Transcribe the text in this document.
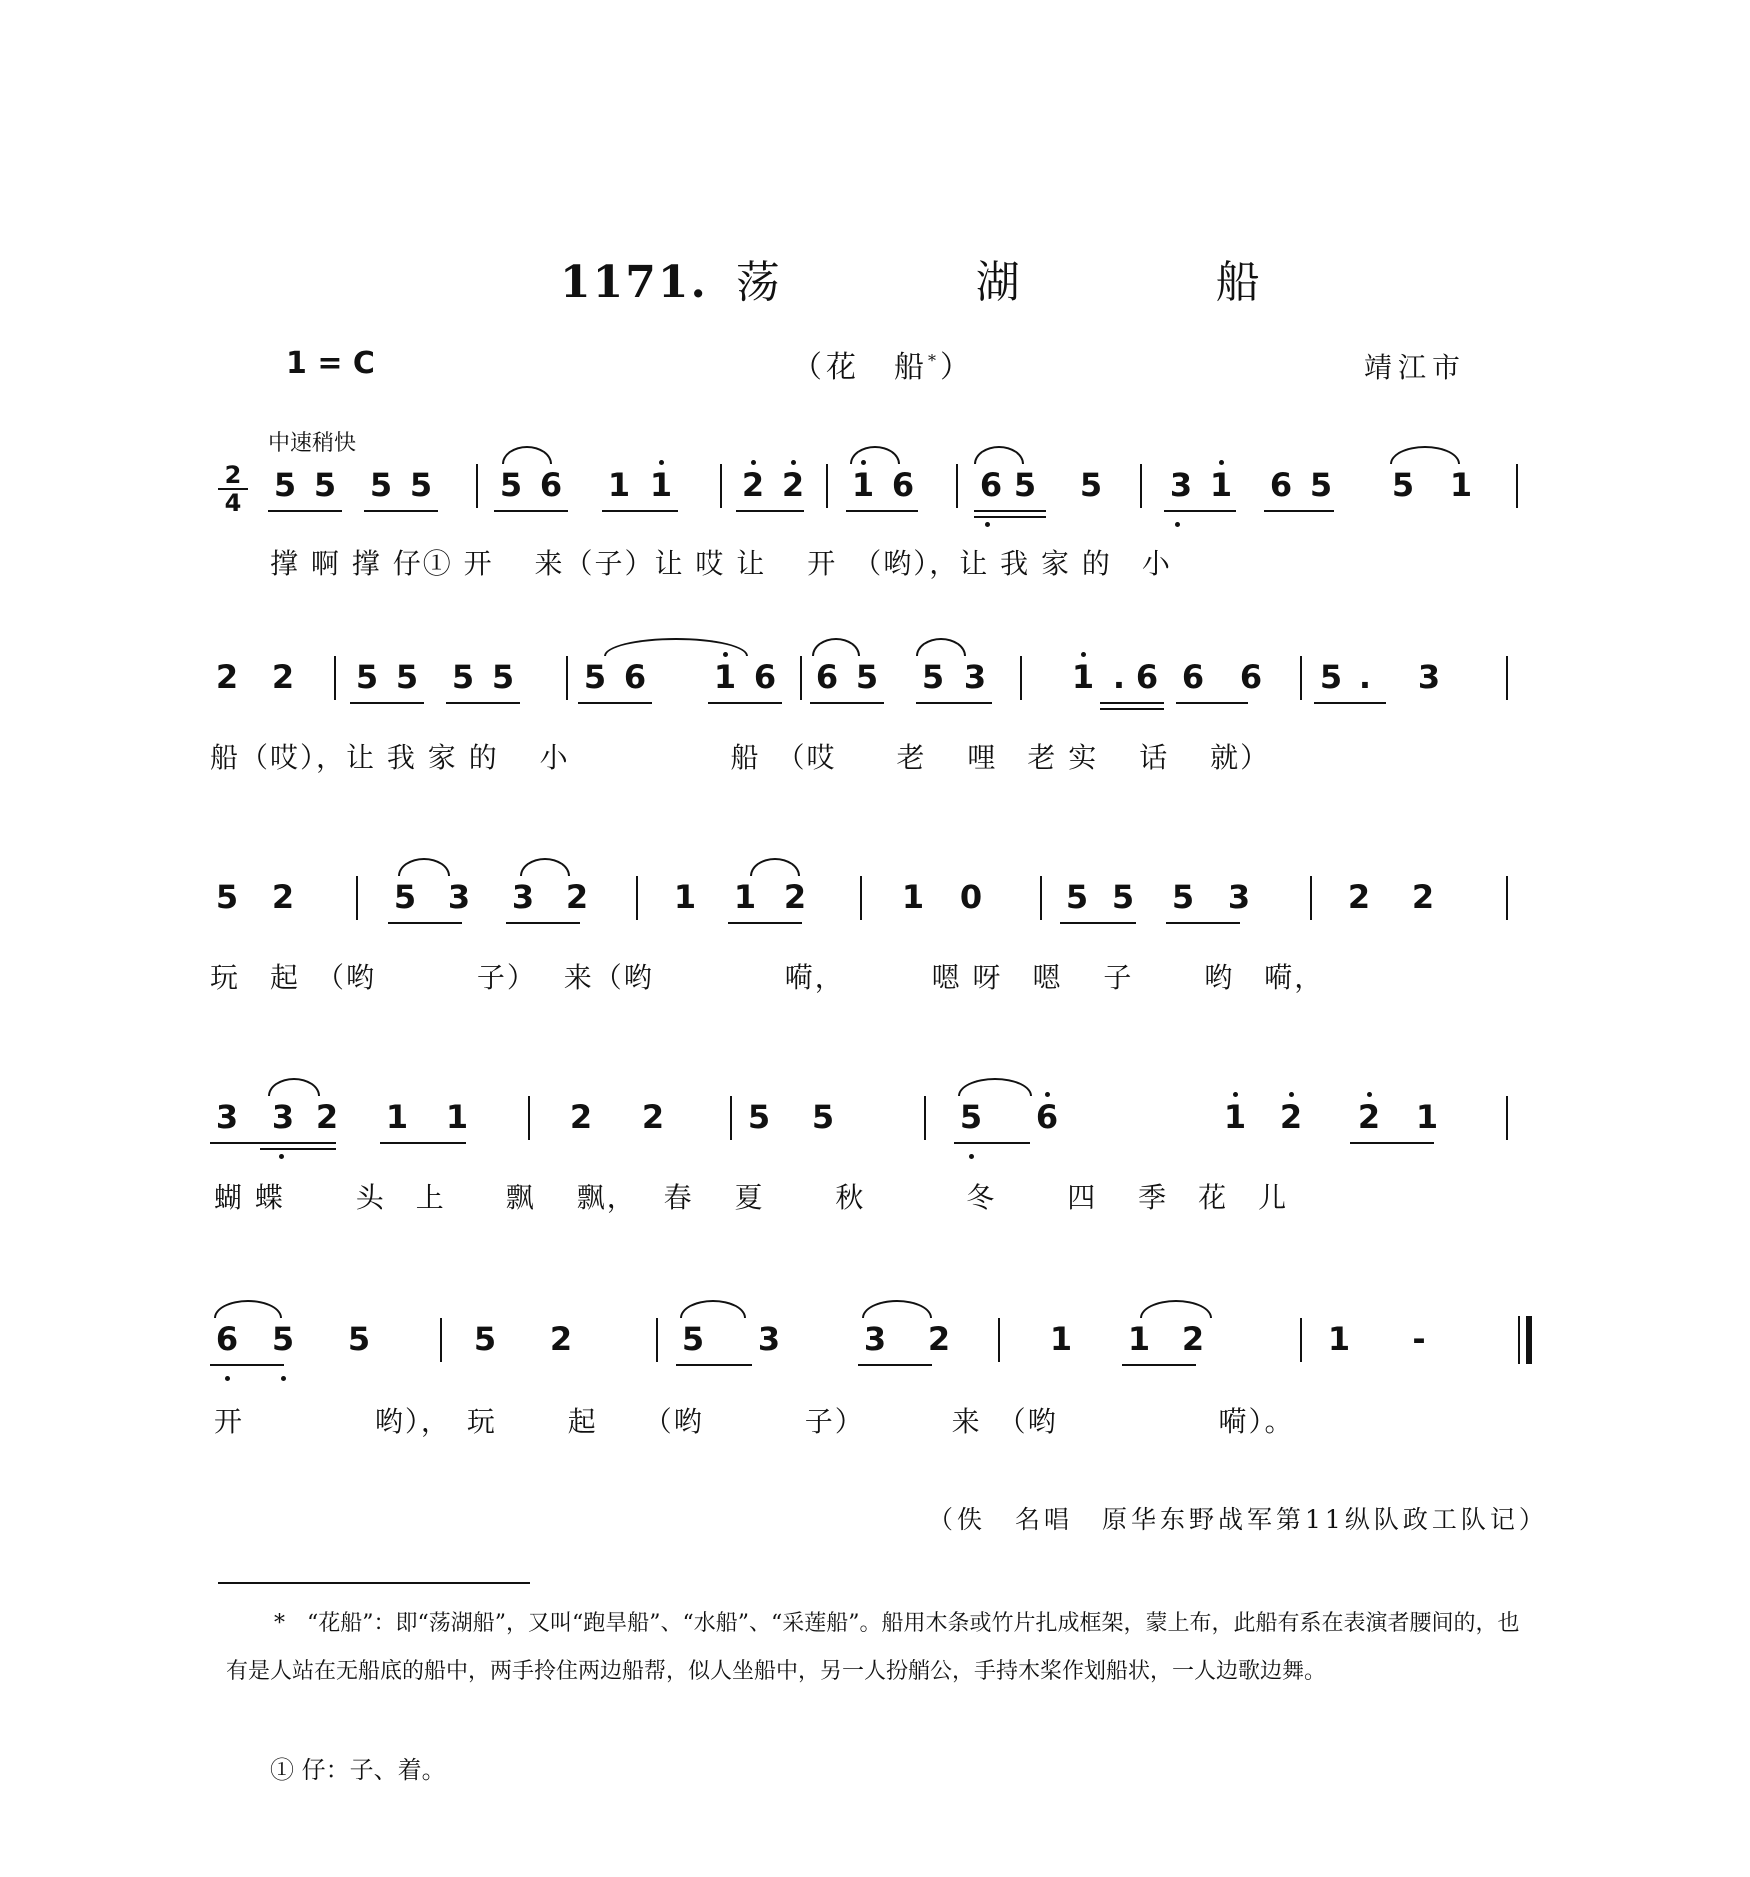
1171. 荡　湖　船
1 = C	（花　船*）	靖江市
中速稍快
2
4 5 5 5 5 5 6 1 1 2 2 1 6 6 5 5 3 1 6 5 5 1
2 2 5 5 5 5 5 6 1 6 6 5 5 3	1 . 6 6 6 5 . 3
5 2	5 3 3 2	1 1 2	1 0	5 5 5 3	2 2
3 3 2 1 1	2 2	5 5	5 6	1 2 2 1
6 5 5	5 2	5 3	3 2	1 1 2	1 -
撑 啊 撑 仔① 开　 来（子）让 哎 让　 开　（哟），让 我 家 的　小
船（哎），让 我 家 的　 小　　　　　 船　（哎　　老　 哩　老 实　 话　 就）
玩　起　（哟　　　 子）　 来（哟　　　　 嗬，　　　 嗯 呀　嗯　 子　　 哟　嗬，
蝴 蝶　　 头　上　　飘　 飘，　 春　 夏　　 秋　　　 冬　　 四　 季　花　儿
开　　　　 哟），　玩　　 起　　（哟　　　 子）　　　 来　（哟　　　　　 嗬）。
（佚　名唱　原华东野战军第11纵队政工队记）
*　“花船”：即“荡湖船”，又叫“跑旱船”、“水船”、“采莲船”。船用木条或竹片扎成框架，蒙上布，此船有系在表演者腰间的，也有是人站在无船底的船中，两手拎住两边船帮，似人坐船中，另一人扮艄公，手持木桨作划船状，一人边歌边舞。
① 仔：子、着。
